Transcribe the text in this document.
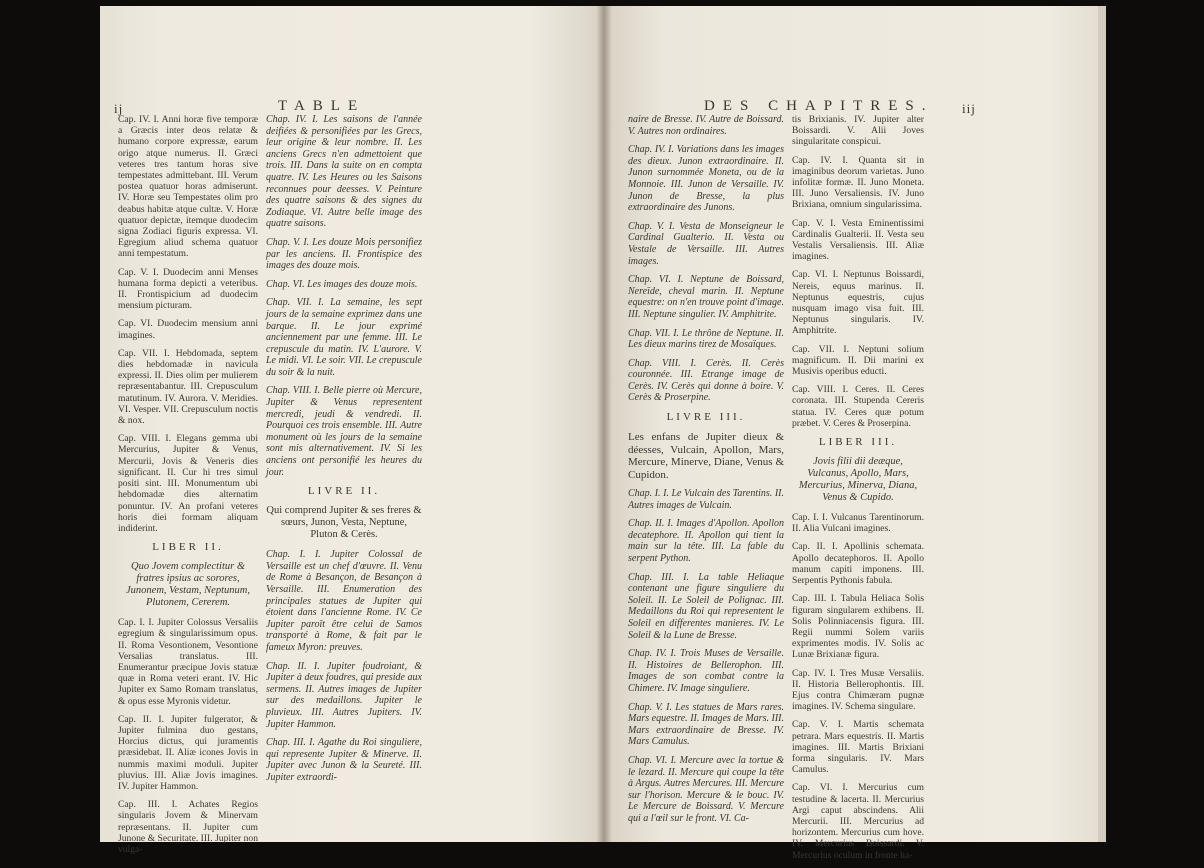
ij	TABLE

Cap. IV. I. Anni horæ five temporæ a Græcis inter deos relatæ & humano corpore expressæ, earum origo atque numerus. II. Græci veteres tres tantum horas sive tempestates admittebant. III. Verum postea quatuor horas admiserunt. IV. Horæ seu Tempestates olim pro deabus habitæ atque cultæ. V. Horæ quatuor depictæ, itemque duodecim signa Zodiaci figuris expressa. VI. Egregium aliud schema quatuor anni tempestatum.

Cap. V. I. Duodecim anni Menses humana forma depicti a veteribus. II. Frontispicium ad duodecim mensium picturam.

Cap. VI. Duodecim mensium anni imagines.

Cap. VII. I. Hebdomada, septem dies hebdomadæ in navicula expressi. II. Dies olim per mulierem repræsentabantur. III. Crepusculum matutinum. IV. Aurora. V. Meridies. VI. Vesper. VII. Crepusculum noctis & nox.

Cap. VIII. I. Elegans gemma ubi Mercurius, Jupiter & Venus, Mercurii, Jovis & Veneris dies significant. II. Cur hi tres simul positi sint. III. Monumentum ubi hebdomadæ dies alternatim ponuntur. IV. An profani veteres horis diei formam aliquam indiderint.

LIBER II.
Quo Jovem complectitur & fratres ipsius ac sorores, Junonem, Vestam, Neptunum, Plutonem, Cererem.

Cap. I. I. Jupiter Colossus Versaliis egregium & singularissimum opus. II. Roma Vesontionem, Vesontione Versalias translatus. III. Enumerantur præcipue Jovis statuæ quæ in Roma veteri erant. IV. Hic Jupiter ex Samo Romam translatus, & opus esse Myronis videtur.

Cap. II. I. Jupiter fulgerator, & Jupiter fulmina duo gestans, Horcius dictus, qui juramentis præsidebat. II. Aliæ icones Jovis in nummis maximi moduli. Jupiter pluvius. III. Aliæ Jovis imagines. IV. Jupiter Hammon.

Cap. III. I. Achates Regios singularis Jovem & Minervam repræsentans. II. Jupiter cum Junone & Securitate. III. Jupiter non vulga-

Chap. IV. I. Les saisons de l'année deifiées & personifiées par les Grecs, leur origine & leur nombre. II. Les anciens Grecs n'en admettoient que trois. III. Dans la suite on en compta quatre. IV. Les Heures ou les Saisons reconnues pour deesses. V. Peinture des quatre saisons & des signes du Zodiaque. VI. Autre belle image des quatre saisons.

Chap. V. I. Les douze Mois personifiez par les anciens. II. Frontispice des images des douze mois.

Chap. VI. Les images des douze mois.

Chap. VII. I. La semaine, les sept jours de la semaine exprimez dans une barque. II. Le jour exprimé anciennement par une femme. III. Le crepuscule du matin. IV. L'aurore. V. Le midi. VI. Le soir. VII. Le crepuscule du soir & la nuit.

Chap. VIII. I. Belle pierre où Mercure, Jupiter & Venus representent mercredi, jeudi & vendredi. II. Pourquoi ces trois ensemble. III. Autre monument où les jours de la semaine sont mis alternativement. IV. Si les anciens ont personifié les heures du jour.

LIVRE II.
Qui comprend Jupiter & ses freres & sœurs, Junon, Vesta, Neptune, Pluton & Cerès.

Chap. I. I. Jupiter Colossal de Versaille est un chef d'œuvre. II. Venu de Rome à Besançon, de Besançon à Versaille. III. Enumeration des principales statues de Jupiter qui étoient dans l'ancienne Rome. IV. Ce Jupiter paroît être celui de Samos transporté à Rome, & fait par le fameux Myron: preuves.

Chap. II. I. Jupiter foudroiant, & Jupiter à deux foudres, qui preside aux sermens. II. Autres images de Jupiter sur des medaillons. Jupiter le pluvieux. III. Autres Jupiters. IV. Jupiter Hammon.

Chap. III. I. Agathe du Roi singuliere, qui represente Jupiter & Minerve. II. Jupiter avec Junon & la Seureté. III. Jupiter extraordi-

DES CHAPITRES. iij

naire de Bresse. IV. Autre de Boissard. V. Autres non ordinaires.

Chap. IV. I. Variations dans les images des dieux. Junon extraordinaire. II. Junon surnommée Moneta, ou de la Monnoie. III. Junon de Versaille. IV. Junon de Bresse, la plus extraordinaire des Junons.

Chap. V. I. Vesta de Monseigneur le Cardinal Gualterio. II. Vesta ou Vestale de Versaille. III. Autres images.

Chap. VI. I. Neptune de Boissard, Nereïde, cheval marin. II. Neptune equestre: on n'en trouve point d'image. III. Neptune singulier. IV. Amphitrite.

Chap. VII. I. Le thrône de Neptune. II. Les dieux marins tirez de Mosaïques.

Chap. VIII. I. Cerès. II. Cerès couronnée. III. Etrange image de Cerès. IV. Cerès qui donne à boire. V. Cerès & Proserpine.

LIVRE III.

Les enfans de Jupiter dieux & déesses, Vulcain, Apollon, Mars, Mercure, Minerve, Diane, Venus & Cupidon.

Chap. I. I. Le Vulcain des Tarentins. II. Autres images de Vulcain.

Chap. II. I. Images d'Apollon. Apollon decatephore. II. Apollon qui tient la main sur la tête. III. La fable du serpent Python.

Chap. III. I. La table Heliaque contenant une figure singuliere du Soleil. II. Le Soleil de Polignac. III. Medaillons du Roi qui representent le Soleil en differentes manieres. IV. Le Soleil & la Lune de Bresse.

Chap. IV. I. Trois Muses de Versaille. II. Histoires de Bellerophon. III. Images de son combat contre la Chimere. IV. Image singuliere.

Chap. V. I. Les statues de Mars rares. Mars equestre. II. Images de Mars. III. Mars extraordinaire de Bresse. IV. Mars Camulus.

Chap. VI. I. Mercure avec la tortue & le lezard. II. Mercure qui coupe la tête à Argus. Autres Mercures. III. Mercure sur l'horison. Mercure & le bouc. IV. Le Mercure de Boissard. V. Mercure qui a l'œil sur le front. VI. Ca-

tis Brixianis. IV. Jupiter alter Boissardi. V. Alii Joves singularitate conspicui.

Cap. IV. I. Quanta sit in imaginibus deorum varietas. Juno infolitæ formæ. II. Juno Moneta. III. Juno Versaliensis. IV. Juno Brixiana, omnium singularissima.

Cap. V. I. Vesta Eminentissimi Cardinalis Gualterii. II. Vesta seu Vestalis Versaliensis. III. Aliæ imagines.

Cap. VI. I. Neptunus Boissardi, Nereis, equus marinus. II. Neptunus equestris, cujus nusquam imago visa fuit. III. Neptunus singularis. IV. Amphitrite.

Cap. VII. I. Neptuni solium magnificum. II. Dii marini ex Musivis operibus educti.

Cap. VIII. I. Ceres. II. Ceres coronata. III. Stupenda Cereris statua. IV. Ceres quæ potum præbet. V. Ceres & Proserpina.

LIBER III.
Jovis filii dii deæque, Vulcanus, Apollo, Mars, Mercurius, Minerva, Diana, Venus & Cupido.

Cap. I. I. Vulcanus Tarentinorum. II. Alia Vulcani imagines.

Cap. II. I. Apollinis schemata. Apollo decatephoros. II. Apollo manum capiti imponens. III. Serpentis Pythonis fabula.

Cap. III. I. Tabula Heliaca Solis figuram singularem exhibens. II. Solis Polinniacensis figura. III. Regii nummi Solem variis exprimentes modis. IV. Solis ac Lunæ Brixianæ figura.

Cap. IV. I. Tres Musæ Versaliis. II. Historia Bellerophontis. III. Ejus contra Chimæram pugnæ imagines. IV. Schema singulare.

Cap. V. I. Martis schemata petrara. Mars equestris. II. Martis imagines. III. Martis Brixiani forma singularis. IV. Mars Camulus.

Cap. VI. I. Mercurius cum testudine & lacerta. II. Mercurius Argi caput abscindens. Alii Mercurii. III. Mercurius ad horizontem. Mercurius cum hove. IV. Mercurius Boissardi. V. Mercurius oculum in fronte ha-
